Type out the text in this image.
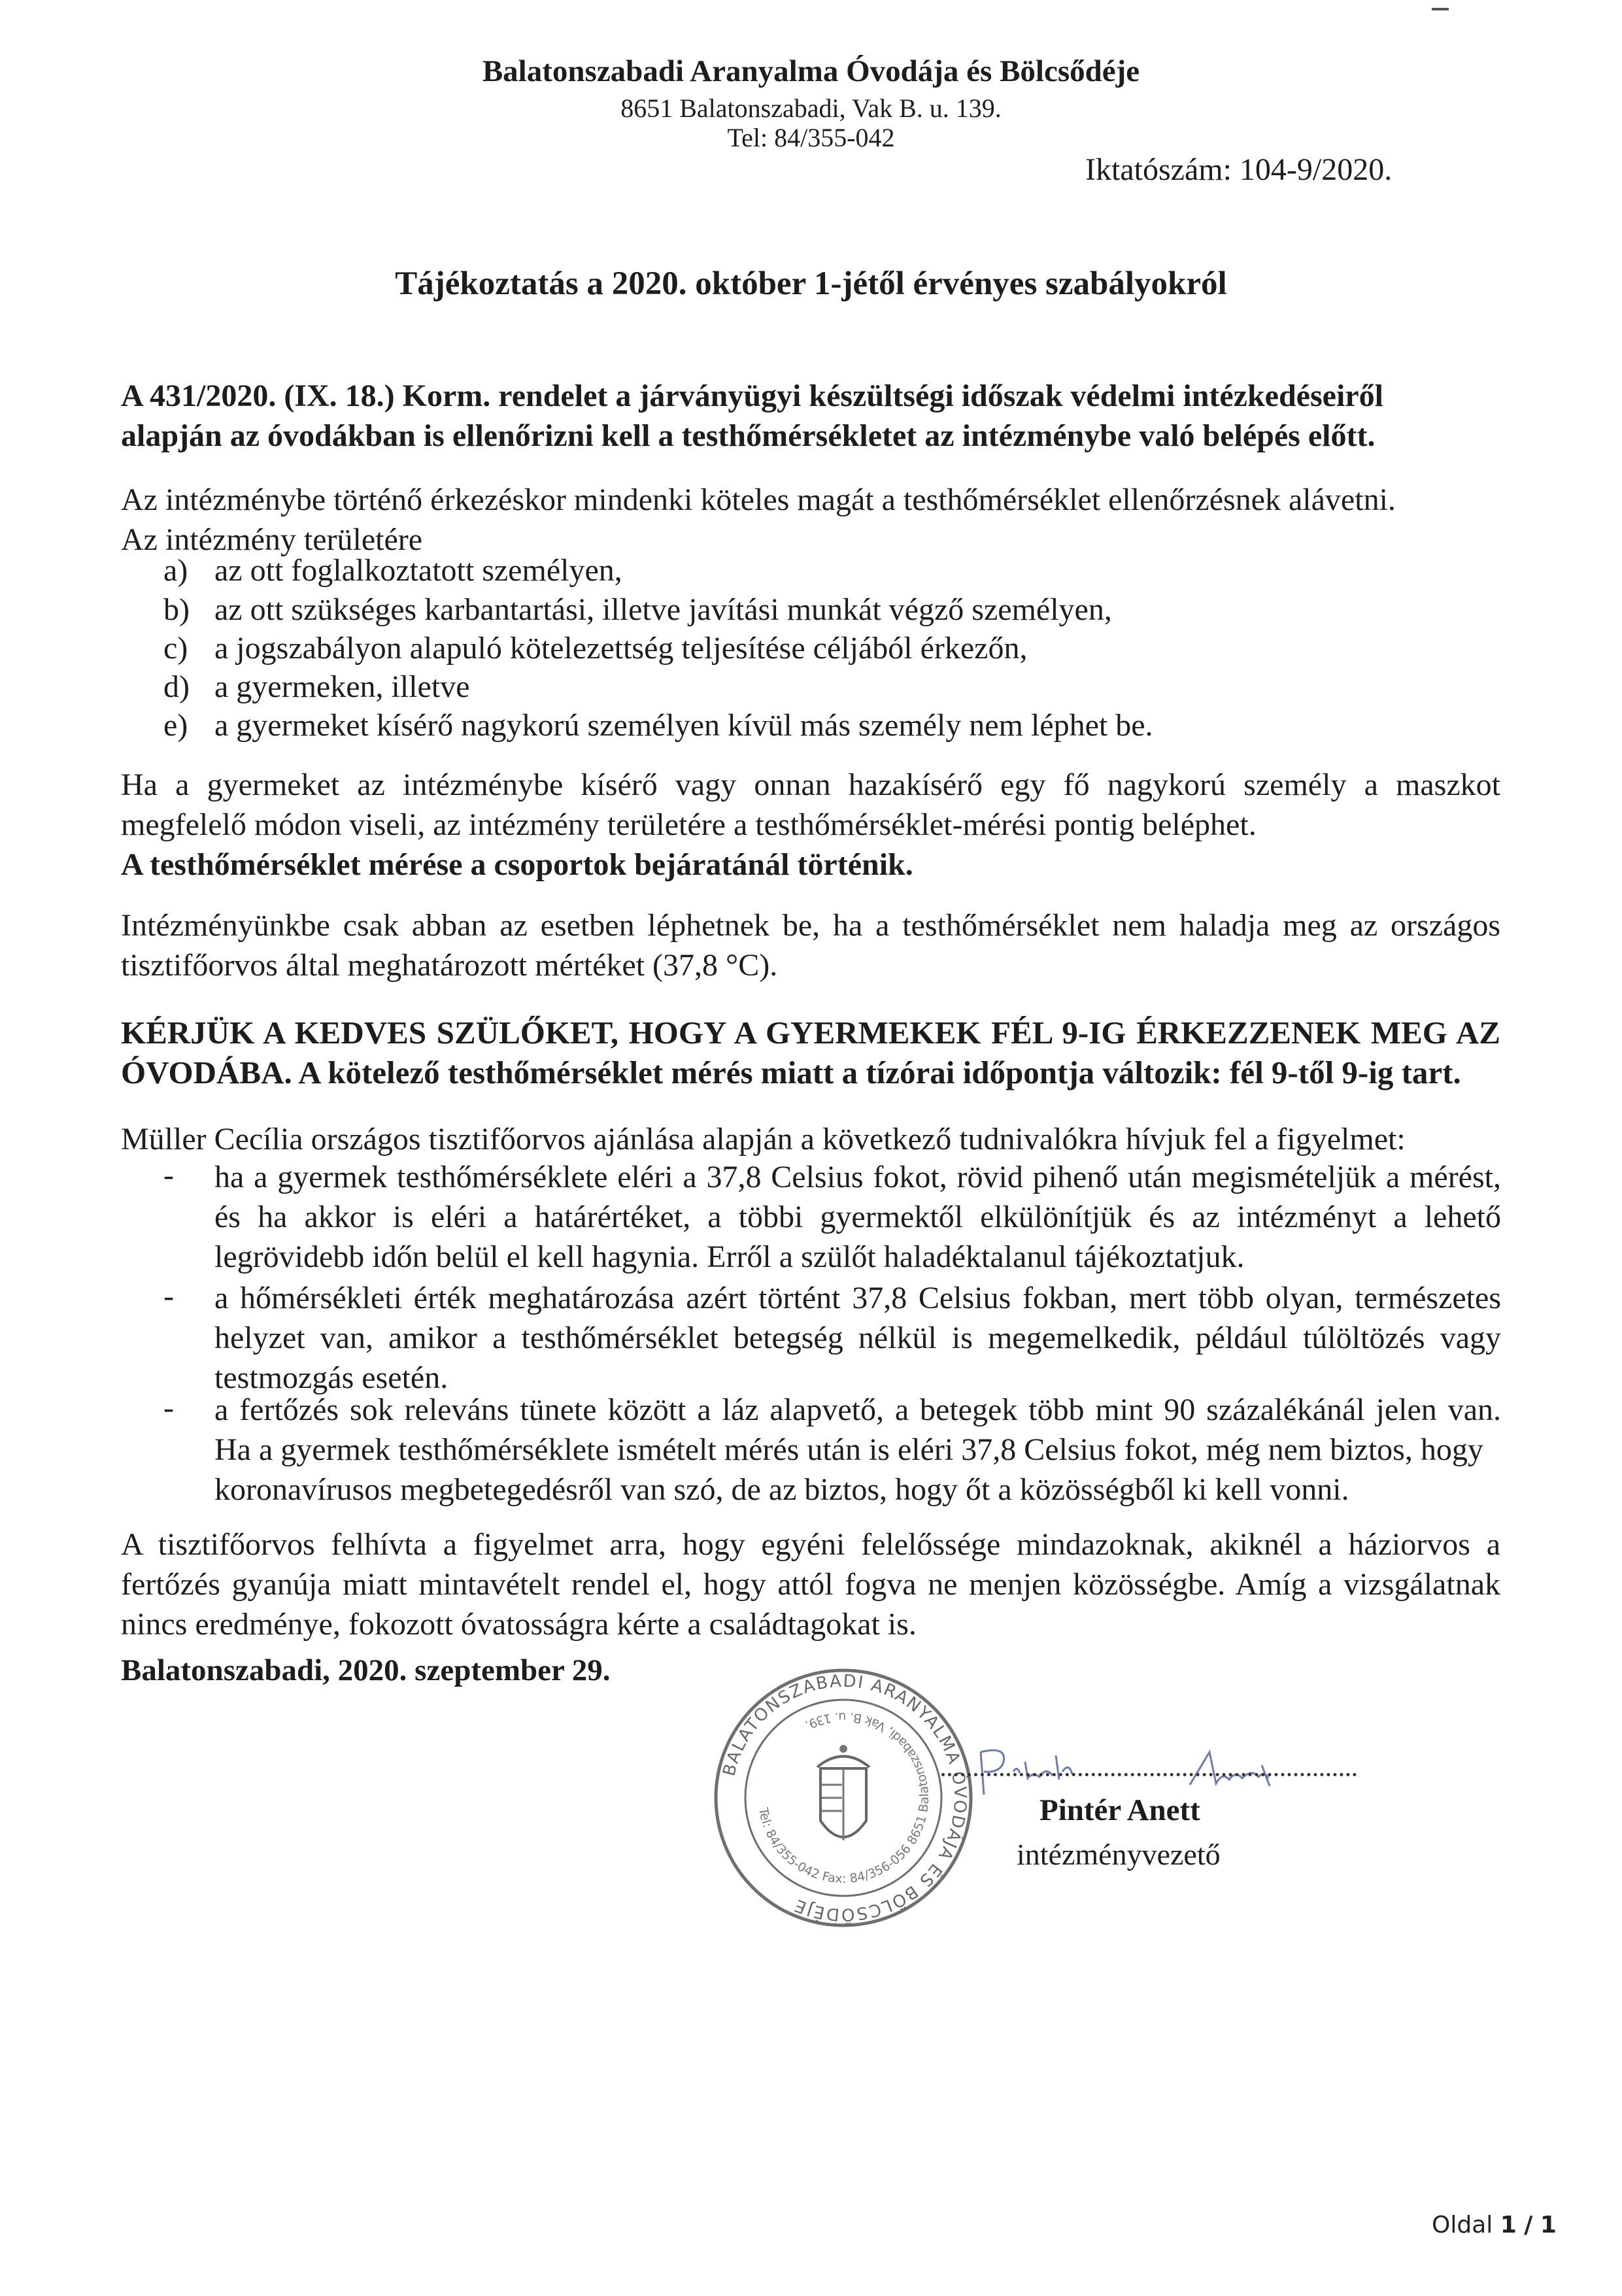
Balatonszabadi Aranyalma Óvodája és Bölcsődéje
8651 Balatonszabadi, Vak B. u. 139.
Tel: 84/355-042
Iktatószám: 104-9/2020.
Tájékoztatás a 2020. október 1-jétől érvényes szabályokról
A 431/2020. (IX. 18.) Korm. rendelet a járványügyi készültségi időszak védelmi intézkedéseiről
alapján az óvodákban is ellenőrizni kell a testhőmérsékletet az intézménybe való belépés előtt.
Az intézménybe történő érkezéskor mindenki köteles magát a testhőmérséklet ellenőrzésnek alávetni.
Az intézmény területére
a) az ott foglalkoztatott személyen,
b) az ott szükséges karbantartási, illetve javítási munkát végző személyen,
c) a jogszabályon alapuló kötelezettség teljesítése céljából érkezőn,
d) a gyermeken, illetve
e) a gyermeket kísérő nagykorú személyen kívül más személy nem léphet be.
Ha a gyermeket az intézménybe kísérő vagy onnan hazakísérő egy fő nagykorú személy a maszkot
megfelelő módon viseli, az intézmény területére a testhőmérséklet-mérési pontig beléphet.
A testhőmérséklet mérése a csoportok bejáratánál történik.
Intézményünkbe csak abban az esetben léphetnek be, ha a testhőmérséklet nem haladja meg az országos
tisztifőorvos által meghatározott mértéket (37,8 °C).
KÉRJÜK A KEDVES SZÜLŐKET, HOGY A GYERMEKEK FÉL 9-IG ÉRKEZZENEK MEG AZ
ÓVODÁBA. A kötelező testhőmérséklet mérés miatt a tízórai időpontja változik: fél 9-től 9-ig tart.
Müller Cecília országos tisztifőorvos ajánlása alapján a következő tudnivalókra hívjuk fel a figyelmet:
- ha a gyermek testhőmérséklete eléri a 37,8 Celsius fokot, rövid pihenő után megismételjük a mérést,
és ha akkor is eléri a határértéket, a többi gyermektől elkülönítjük és az intézményt a lehető
legrövidebb időn belül el kell hagynia. Erről a szülőt haladéktalanul tájékoztatjuk.
- a hőmérsékleti érték meghatározása azért történt 37,8 Celsius fokban, mert több olyan, természetes
helyzet van, amikor a testhőmérséklet betegség nélkül is megemelkedik, például túlöltözés vagy
testmozgás esetén.
- a fertőzés sok releváns tünete között a láz alapvető, a betegek több mint 90 százalékánál jelen van.
Ha a gyermek testhőmérséklete ismételt mérés után is eléri 37,8 Celsius fokot, még nem biztos, hogy
koronavírusos megbetegedésről van szó, de az biztos, hogy őt a közösségből ki kell vonni.
A tisztifőorvos felhívta a figyelmet arra, hogy egyéni felelőssége mindazoknak, akiknél a háziorvos a
fertőzés gyanúja miatt mintavételt rendel el, hogy attól fogva ne menjen közösségbe. Amíg a vizsgálatnak
nincs eredménye, fokozott óvatosságra kérte a családtagokat is.
Balatonszabadi, 2020. szeptember 29.
BALATONSZABADI ARANYALMA ÓVODÁJA ÉS BÖLCSŐDÉJE
Tel: 84/355-042 Fax: 84/356-056 8651 Balatonszabadi, Vak B. u. 139.
Pintér Anett
intézményvezető
Oldal 1 / 1
